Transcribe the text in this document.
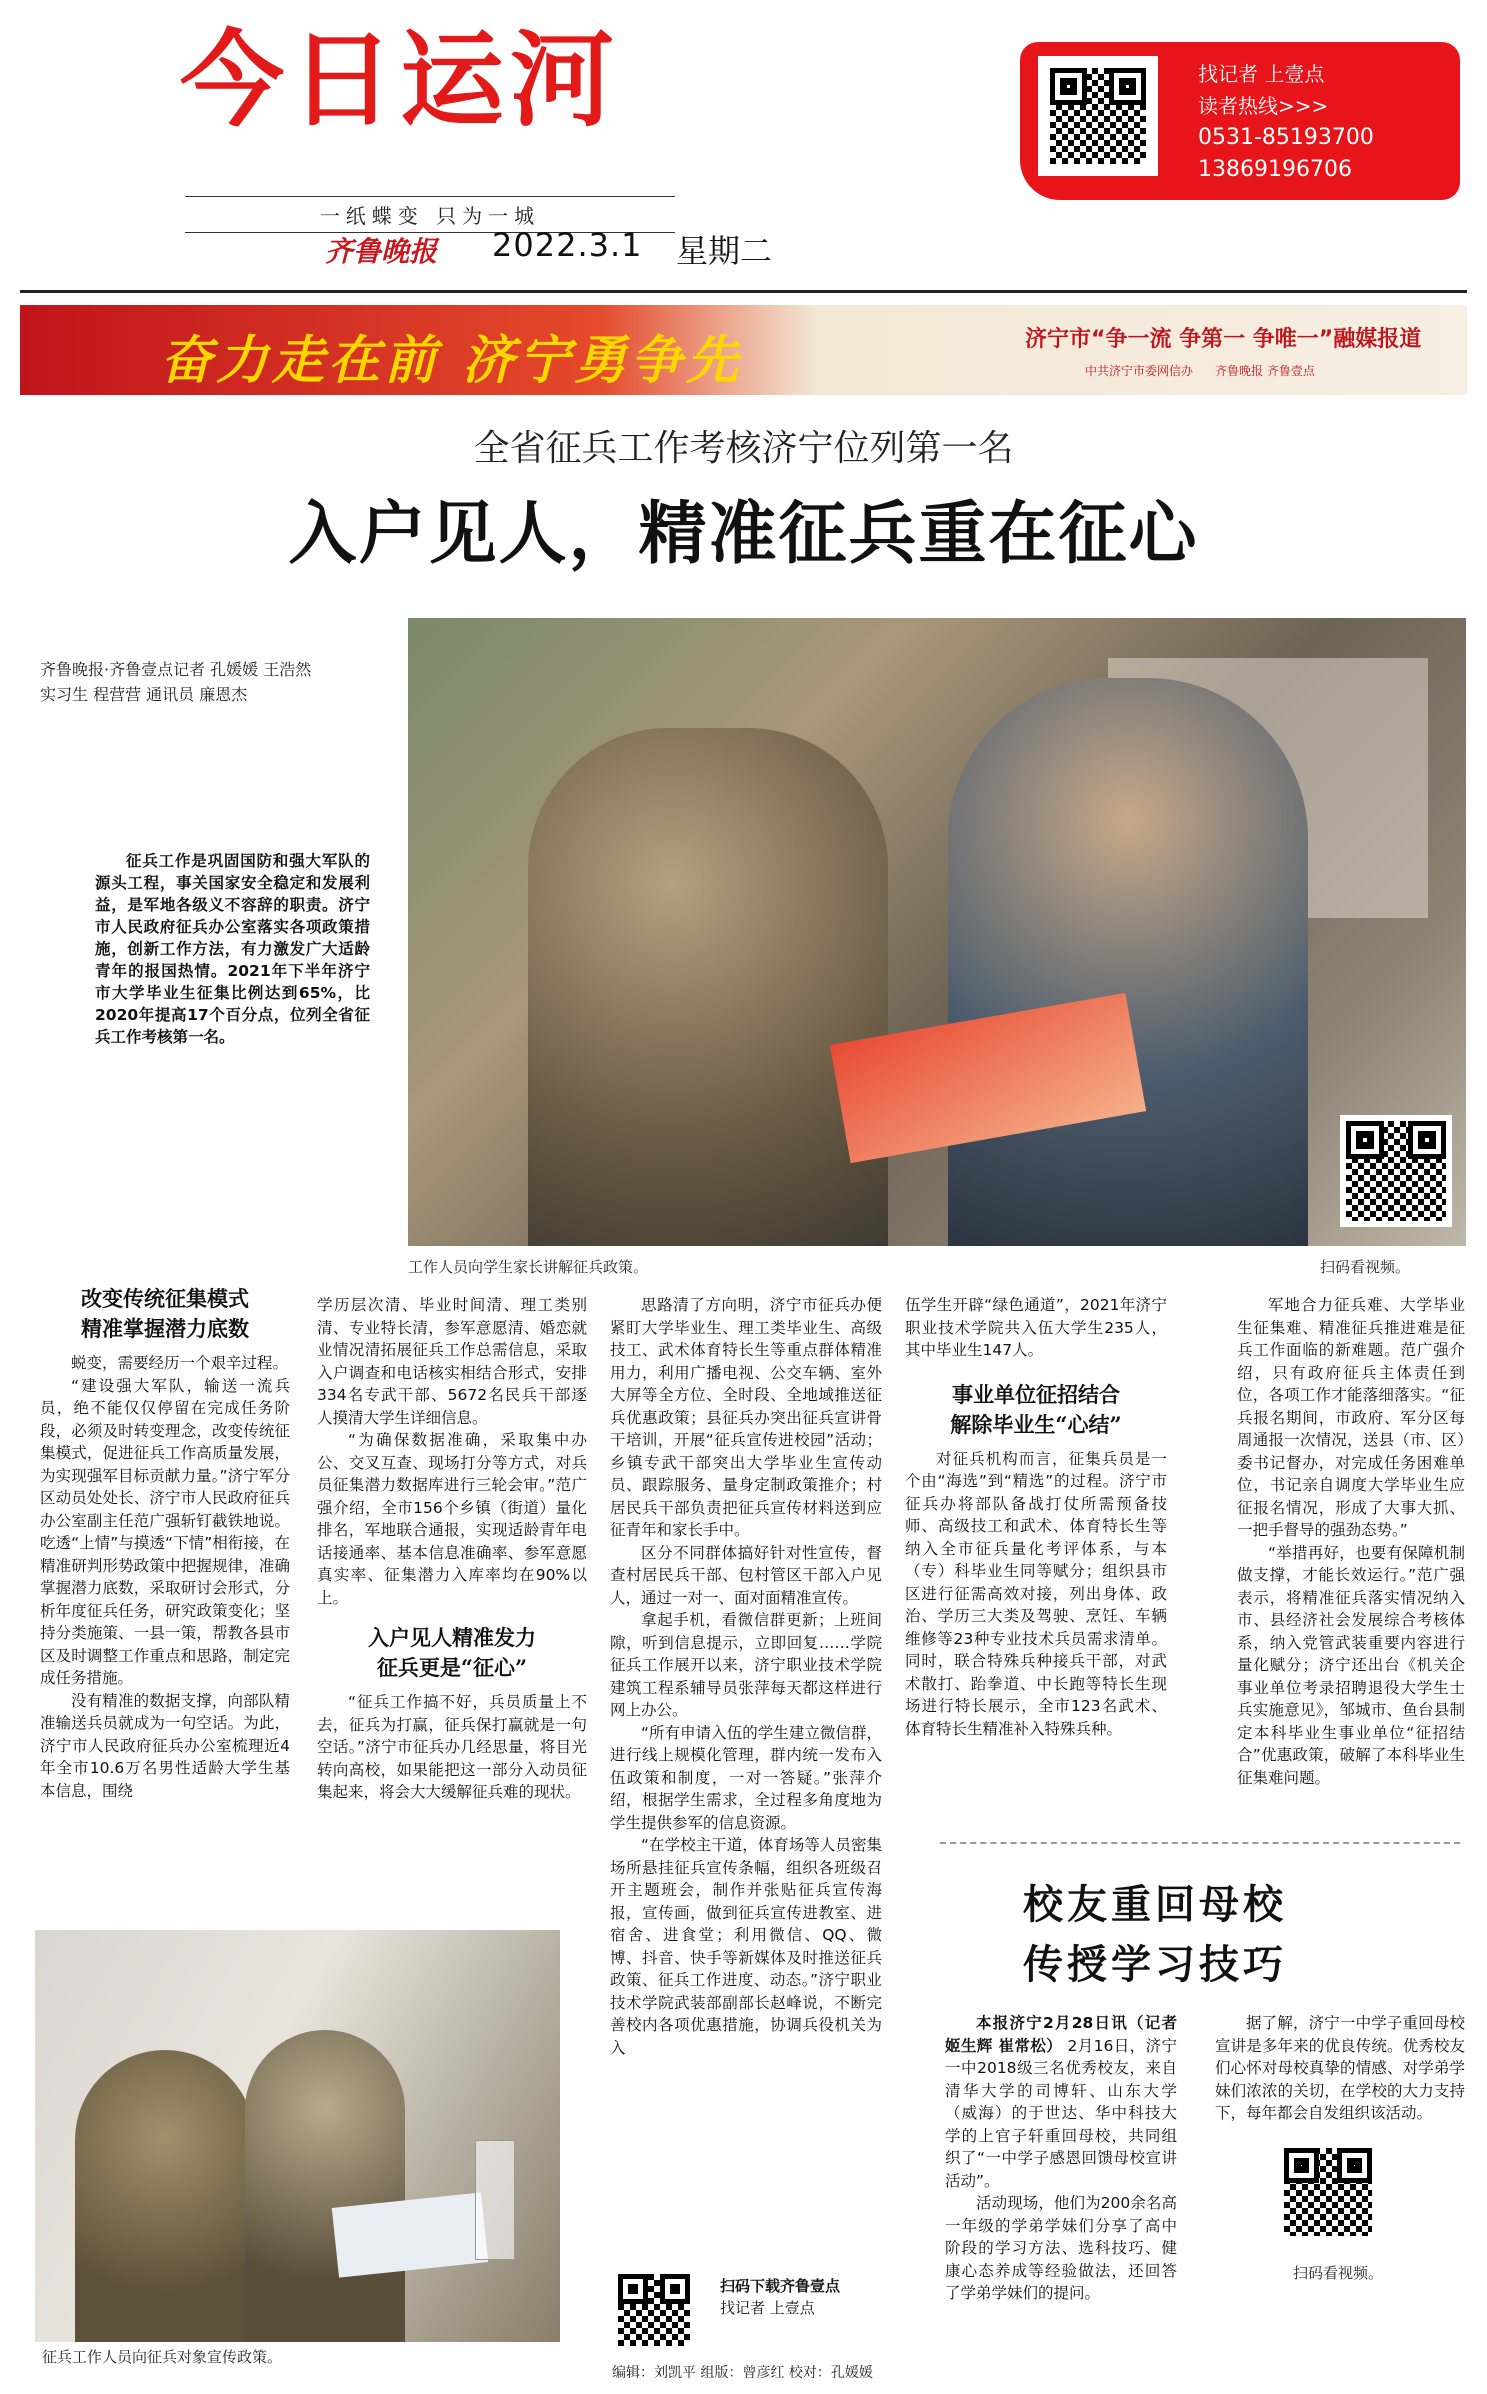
今日运河
一纸蝶变 只为一城
齐鲁晚报 2022.3.1 星期二
找记者 上壹点
读者热线>>>
0531-85193700
13869196706
奋力走在前 济宁勇争先	济宁市“争一流 争第一 争唯一”融媒报道
中共济宁市委网信办 齐鲁晚报 齐鲁壹点
全省征兵工作考核济宁位列第一名
入户见人，精准征兵重在征心
齐鲁晚报·齐鲁壹点记者 孔媛媛 王浩然
实习生 程营营 通讯员 廉恩杰
征兵工作是巩固国防和强大军队的源头工程，事关国家安全稳定和发展利益，是军地各级义不容辞的职责。济宁市人民政府征兵办公室落实各项政策措施，创新工作方法，有力激发广大适龄青年的报国热情。2021年下半年济宁市大学毕业生征集比例达到65%，比2020年提高17个百分点，位列全省征兵工作考核第一名。
工作人员向学生家长讲解征兵政策。	扫码看视频。
改变传统征集模式
精准掌握潜力底数

蜕变，需要经历一个艰辛过程。

“建设强大军队，输送一流兵员，绝不能仅仅停留在完成任务阶段，必须及时转变理念，改变传统征集模式，促进征兵工作高质量发展，为实现强军目标贡献力量。”济宁军分区动员处处长、济宁市人民政府征兵办公室副主任范广强斩钉截铁地说。吃透“上情”与摸透“下情”相衔接，在精准研判形势政策中把握规律，准确掌握潜力底数，采取研讨会形式，分析年度征兵任务，研究政策变化；坚持分类施策、一县一策，帮教各县市区及时调整工作重点和思路，制定完成任务措施。

没有精准的数据支撑，向部队精准输送兵员就成为一句空话。为此，济宁市人民政府征兵办公室梳理近4年全市10.6万名男性适龄大学生基本信息，围绕

学历层次清、毕业时间清、理工类别清、专业特长清，参军意愿清、婚恋就业情况清拓展征兵工作总需信息，采取入户调查和电话核实相结合形式，安排334名专武干部、5672名民兵干部逐人摸清大学生详细信息。

“为确保数据准确，采取集中办公、交叉互查、现场打分等方式，对兵员征集潜力数据库进行三轮会审。”范广强介绍，全市156个乡镇（街道）量化排名，军地联合通报，实现适龄青年电话接通率、基本信息准确率、参军意愿真实率、征集潜力入库率均在90%以上。

入户见人精准发力
征兵更是“征心”

“征兵工作搞不好，兵员质量上不去，征兵为打赢，征兵保打赢就是一句空话。”济宁市征兵办几经思量，将目光转向高校，如果能把这一部分入动员征集起来，将会大大缓解征兵难的现状。

思路清了方向明，济宁市征兵办便紧盯大学毕业生、理工类毕业生、高级技工、武术体育特长生等重点群体精准用力，利用广播电视、公交车辆、室外大屏等全方位、全时段、全地域推送征兵优惠政策；县征兵办突出征兵宣讲骨干培训，开展“征兵宣传进校园”活动；乡镇专武干部突出大学毕业生宣传动员、跟踪服务、量身定制政策推介；村居民兵干部负责把征兵宣传材料送到应征青年和家长手中。

区分不同群体搞好针对性宣传，督查村居民兵干部、包村管区干部入户见人，通过一对一、面对面精准宣传。

拿起手机，看微信群更新；上班间隙，听到信息提示，立即回复……学院征兵工作展开以来，济宁职业技术学院建筑工程系辅导员张萍每天都这样进行网上办公。

“所有申请入伍的学生建立微信群，进行线上规模化管理，群内统一发布入伍政策和制度，一对一答疑。”张萍介绍，根据学生需求，全过程多角度地为学生提供参军的信息资源。

“在学校主干道，体育场等人员密集场所悬挂征兵宣传条幅，组织各班级召开主题班会，制作并张贴征兵宣传海报，宣传画，做到征兵宣传进教室、进宿舍、进食堂；利用微信、QQ、微博、抖音、快手等新媒体及时推送征兵政策、征兵工作进度、动态。”济宁职业技术学院武装部副部长赵峰说，不断完善校内各项优惠措施，协调兵役机关为入

伍学生开辟“绿色通道”，2021年济宁职业技术学院共入伍大学生235人，其中毕业生147人。

事业单位征招结合
解除毕业生“心结”

对征兵机构而言，征集兵员是一个由“海选”到“精选”的过程。济宁市征兵办将部队备战打仗所需预备技师、高级技工和武术、体育特长生等纳入全市征兵量化考评体系，与本（专）科毕业生同等赋分；组织县市区进行征需高效对接，列出身体、政治、学历三大类及驾驶、烹饪、车辆维修等23种专业技术兵员需求清单。同时，联合特殊兵种接兵干部，对武术散打、跆拳道、中长跑等特长生现场进行特长展示，全市123名武术、体育特长生精准补入特殊兵种。

军地合力征兵难、大学毕业生征集难、精准征兵推进难是征兵工作面临的新难题。范广强介绍，只有政府征兵主体责任到位，各项工作才能落细落实。“征兵报名期间，市政府、军分区每周通报一次情况，送县（市、区）委书记督办，对完成任务困难单位，书记亲自调度大学毕业生应征报名情况，形成了大事大抓、一把手督导的强劲态势。”

“举措再好，也要有保障机制做支撑，才能长效运行。”范广强表示，将精准征兵落实情况纳入市、县经济社会发展综合考核体系，纳入党管武装重要内容进行量化赋分；济宁还出台《机关企事业单位考录招聘退役大学生士兵实施意见》，邹城市、鱼台县制定本科毕业生事业单位“征招结合”优惠政策，破解了本科毕业生征集难问题。

征兵工作人员向征兵对象宣传政策。
扫码下载齐鲁壹点
找记者 上壹点
编辑：刘凯平 组版：曾彦红 校对：孔媛媛
校友重回母校
传授学习技巧

本报济宁2月28日讯（记者 姬生辉 崔常松） 2月16日，济宁一中2018级三名优秀校友，来自清华大学的司博轩、山东大学（威海）的于世达、华中科技大学的上官子轩重回母校，共同组织了“一中学子感恩回馈母校宣讲活动”。

活动现场，他们为200余名高一年级的学弟学妹们分享了高中阶段的学习方法、选科技巧、健康心态养成等经验做法，还回答了学弟学妹们的提问。

据了解，济宁一中学子重回母校宣讲是多年来的优良传统。优秀校友们心怀对母校真挚的情感、对学弟学妹们浓浓的关切，在学校的大力支持下，每年都会自发组织该活动。

扫码看视频。
